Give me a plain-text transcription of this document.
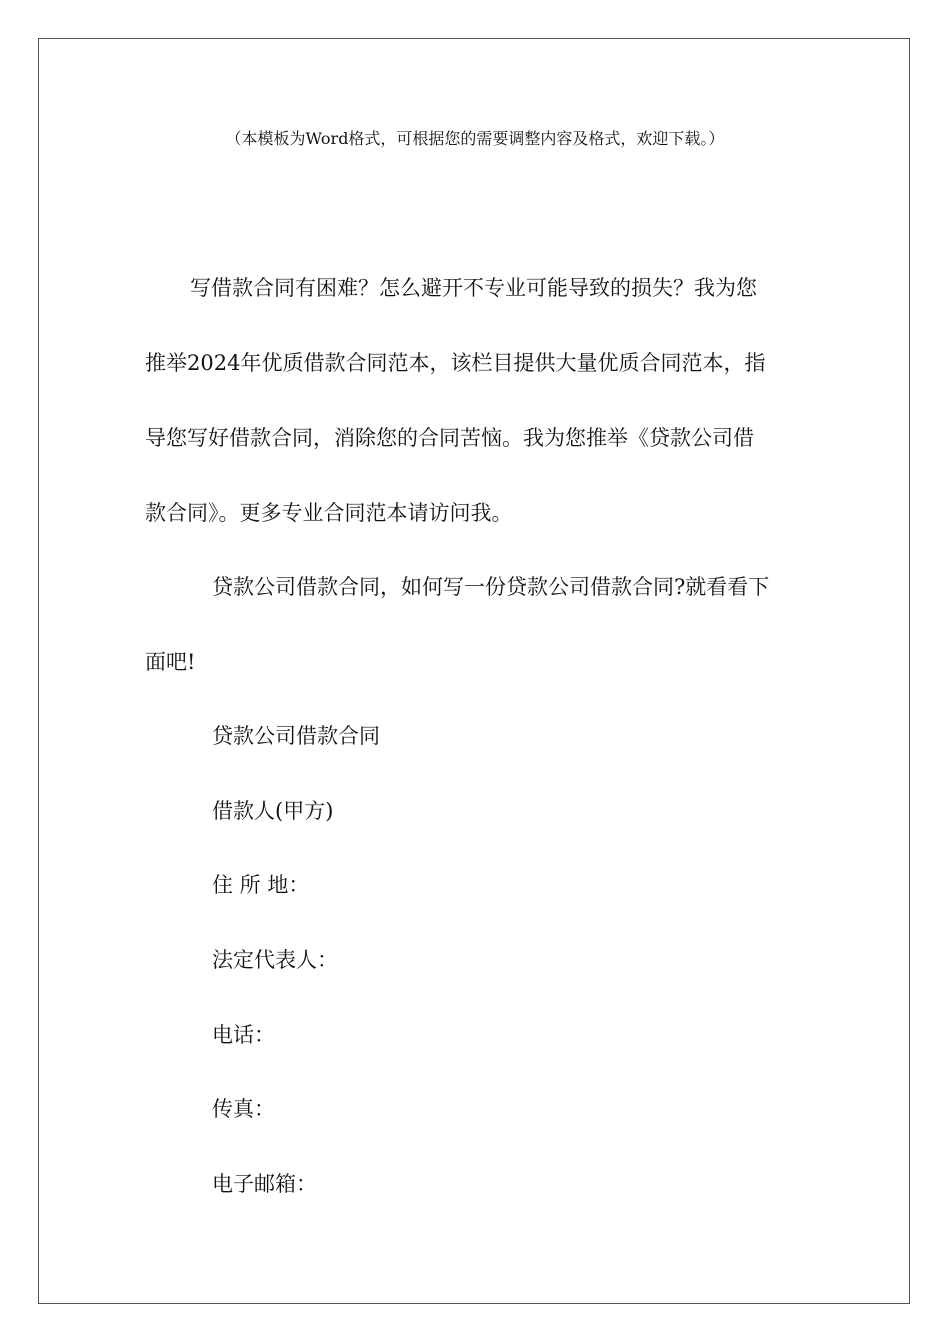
（本模板为Word格式，可根据您的需要调整内容及格式，欢迎下载。）
写借款合同有困难？怎么避开不专业可能导致的损失？我为您
推举2024年优质借款合同范本，该栏目提供大量优质合同范本，指
导您写好借款合同，消除您的合同苦恼。我为您推举《贷款公司借
款合同》。更多专业合同范本请访问我。
贷款公司借款合同，如何写一份贷款公司借款合同?就看看下
面吧!
贷款公司借款合同
借款人(甲方)
住 所 地：
法定代表人：
电话：
传真：
电子邮箱：
